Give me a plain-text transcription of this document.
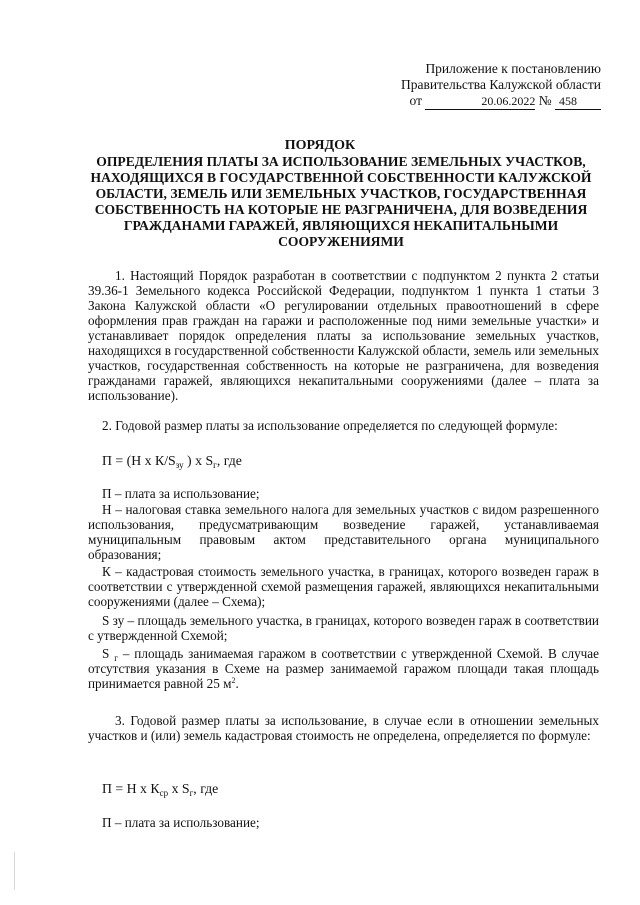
Приложение к постановлению
Правительства Калужской области
от	20.06.2022 № 458
ПОРЯДОК
ОПРЕДЕЛЕНИЯ ПЛАТЫ ЗА ИСПОЛЬЗОВАНИЕ ЗЕМЕЛЬНЫХ УЧАСТКОВ, НАХОДЯЩИХСЯ В ГОСУДАРСТВЕННОЙ СОБСТВЕННОСТИ КАЛУЖСКОЙ ОБЛАСТИ, ЗЕМЕЛЬ ИЛИ ЗЕМЕЛЬНЫХ УЧАСТКОВ, ГОСУДАРСТВЕННАЯ СОБСТВЕННОСТЬ НА КОТОРЫЕ НЕ РАЗГРАНИЧЕНА, ДЛЯ ВОЗВЕДЕНИЯ ГРАЖДАНАМИ ГАРАЖЕЙ, ЯВЛЯЮЩИХСЯ НЕКАПИТАЛЬНЫМИ СООРУЖЕНИЯМИ
1. Настоящий Порядок разработан в соответствии с подпунктом 2 пункта 2 статьи 39.36-1 Земельного кодекса Российской Федерации, подпунктом 1 пункта 1 статьи 3 Закона Калужской области «О регулировании отдельных правоотношений в сфере оформления прав граждан на гаражи и расположенные под ними земельные участки» и устанавливает порядок определения платы за использование земельных участков, находящихся в государственной собственности Калужской области, земель или земельных участков, государственная собственность на которые не разграничена, для возведения гражданами гаражей, являющихся некапитальными сооружениями (далее – плата за использование).
2. Годовой размер платы за использование определяется по следующей формуле:
П = (Н х $К/S_{зу}$ ) х $S_г$, где
П – плата за использование;
Н – налоговая ставка земельного налога для земельных участков с видом разрешенного использования, предусматривающим возведение гаражей, устанавливаемая муниципальным правовым актом представительного органа муниципального образования;
К – кадастровая стоимость земельного участка, в границах, которого возведен гараж в соответствии с утвержденной схемой размещения гаражей, являющихся некапитальными сооружениями (далее – Схема);
S зу – площадь земельного участка, в границах, которого возведен гараж в соответствии с утвержденной Схемой;
S $_г$ – площадь занимаемая гаражом в соответствии с утвержденной Схемой. В случае отсутствия указания в Схеме на размер занимаемой гаражом площади такая площадь принимается равной 25 $м^2$.
3. Годовой размер платы за использование, в случае если в отношении земельных участков и (или) земель кадастровая стоимость не определена, определяется по формуле:
П = Н х $К_{ср}$ х $S_г$, где
П – плата за использование;
